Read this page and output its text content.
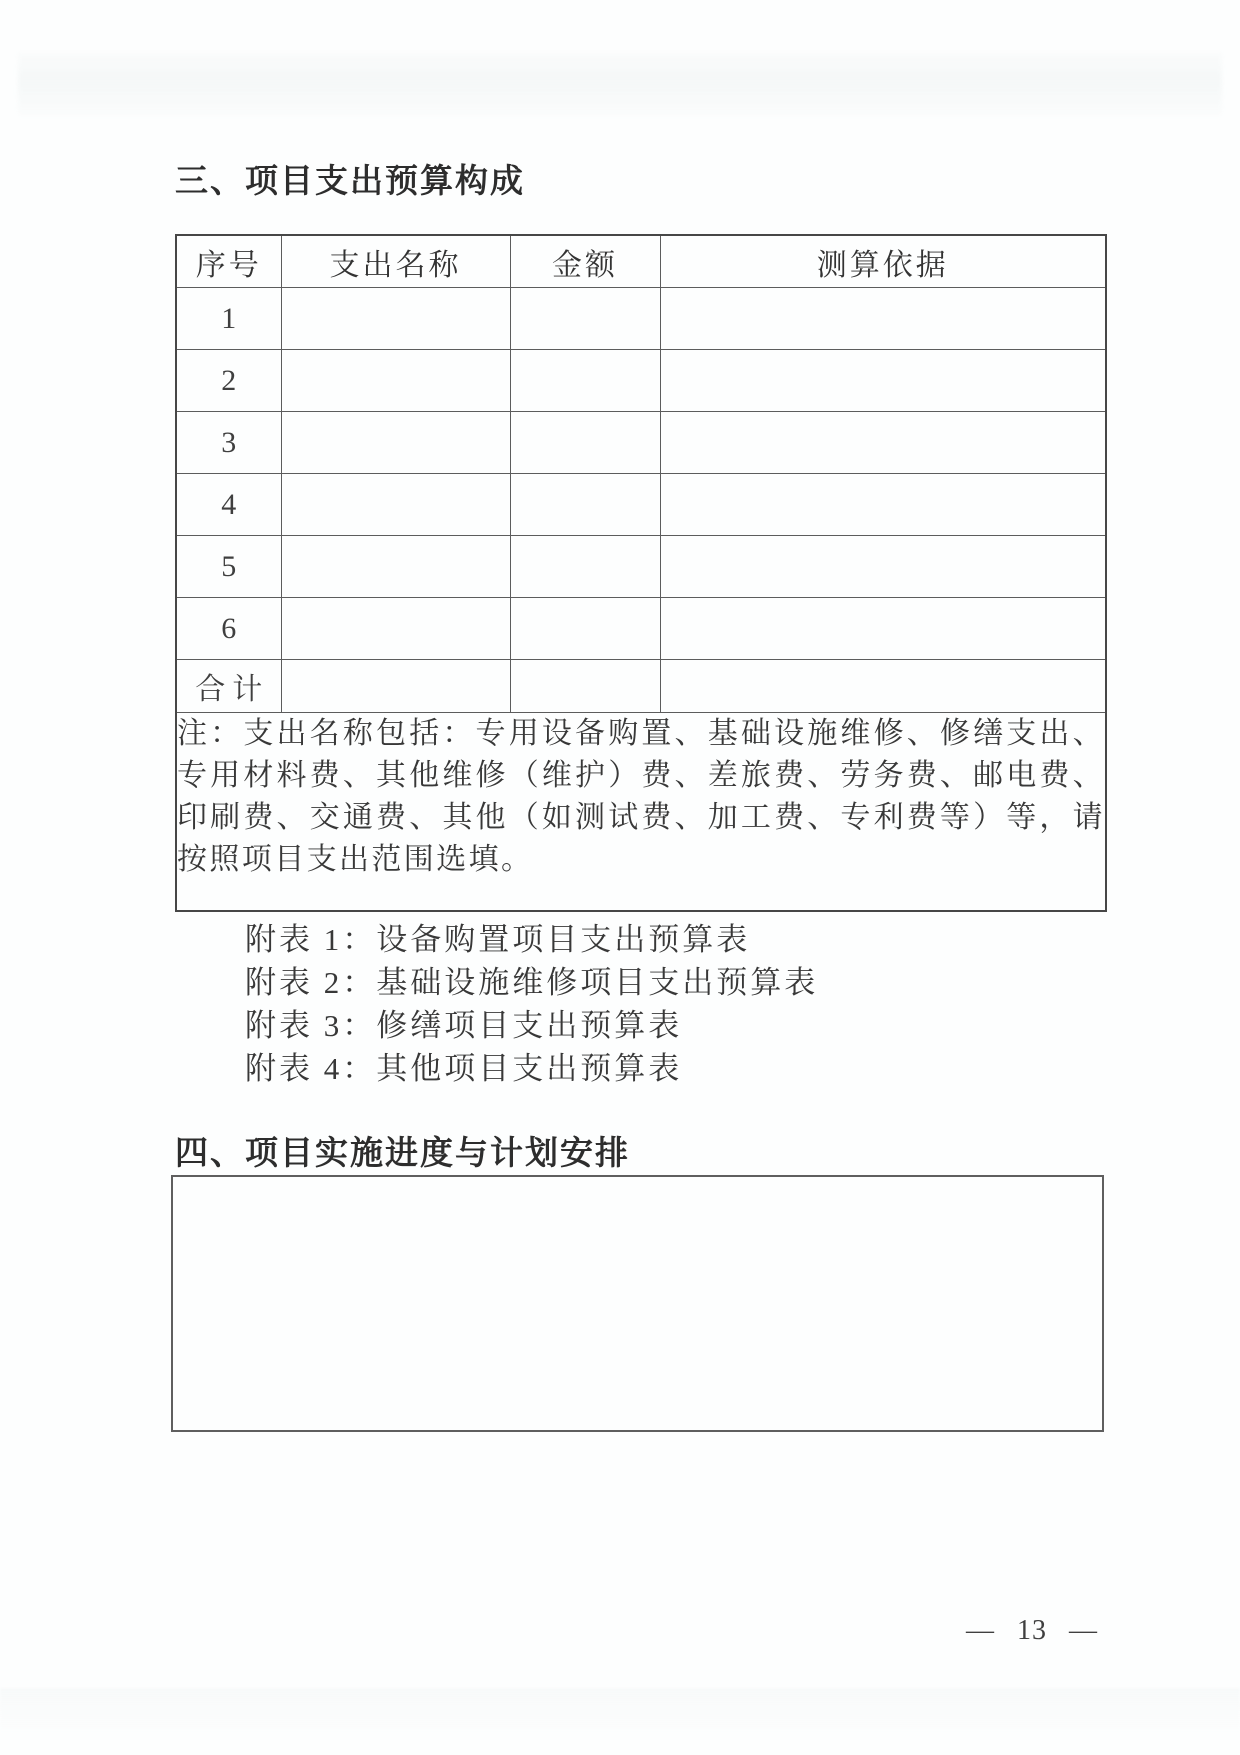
三、项目支出预算构成
序号	支出名称	金额	测算依据
1			
2			
3			
4			
5			
6			
合计			
注：支出名称包括：专用设备购置、基础设施维修、修缮支出、专用材料费、其他维修（维护）费、差旅费、劳务费、邮电费、印刷费、交通费、其他（如测试费、加工费、专利费等）等，请按照项目支出范围选填。			
附表 1：设备购置项目支出预算表
附表 2：基础设施维修项目支出预算表
附表 3：修缮项目支出预算表
附表 4：其他项目支出预算表
四、项目实施进度与计划安排
— 13 —
